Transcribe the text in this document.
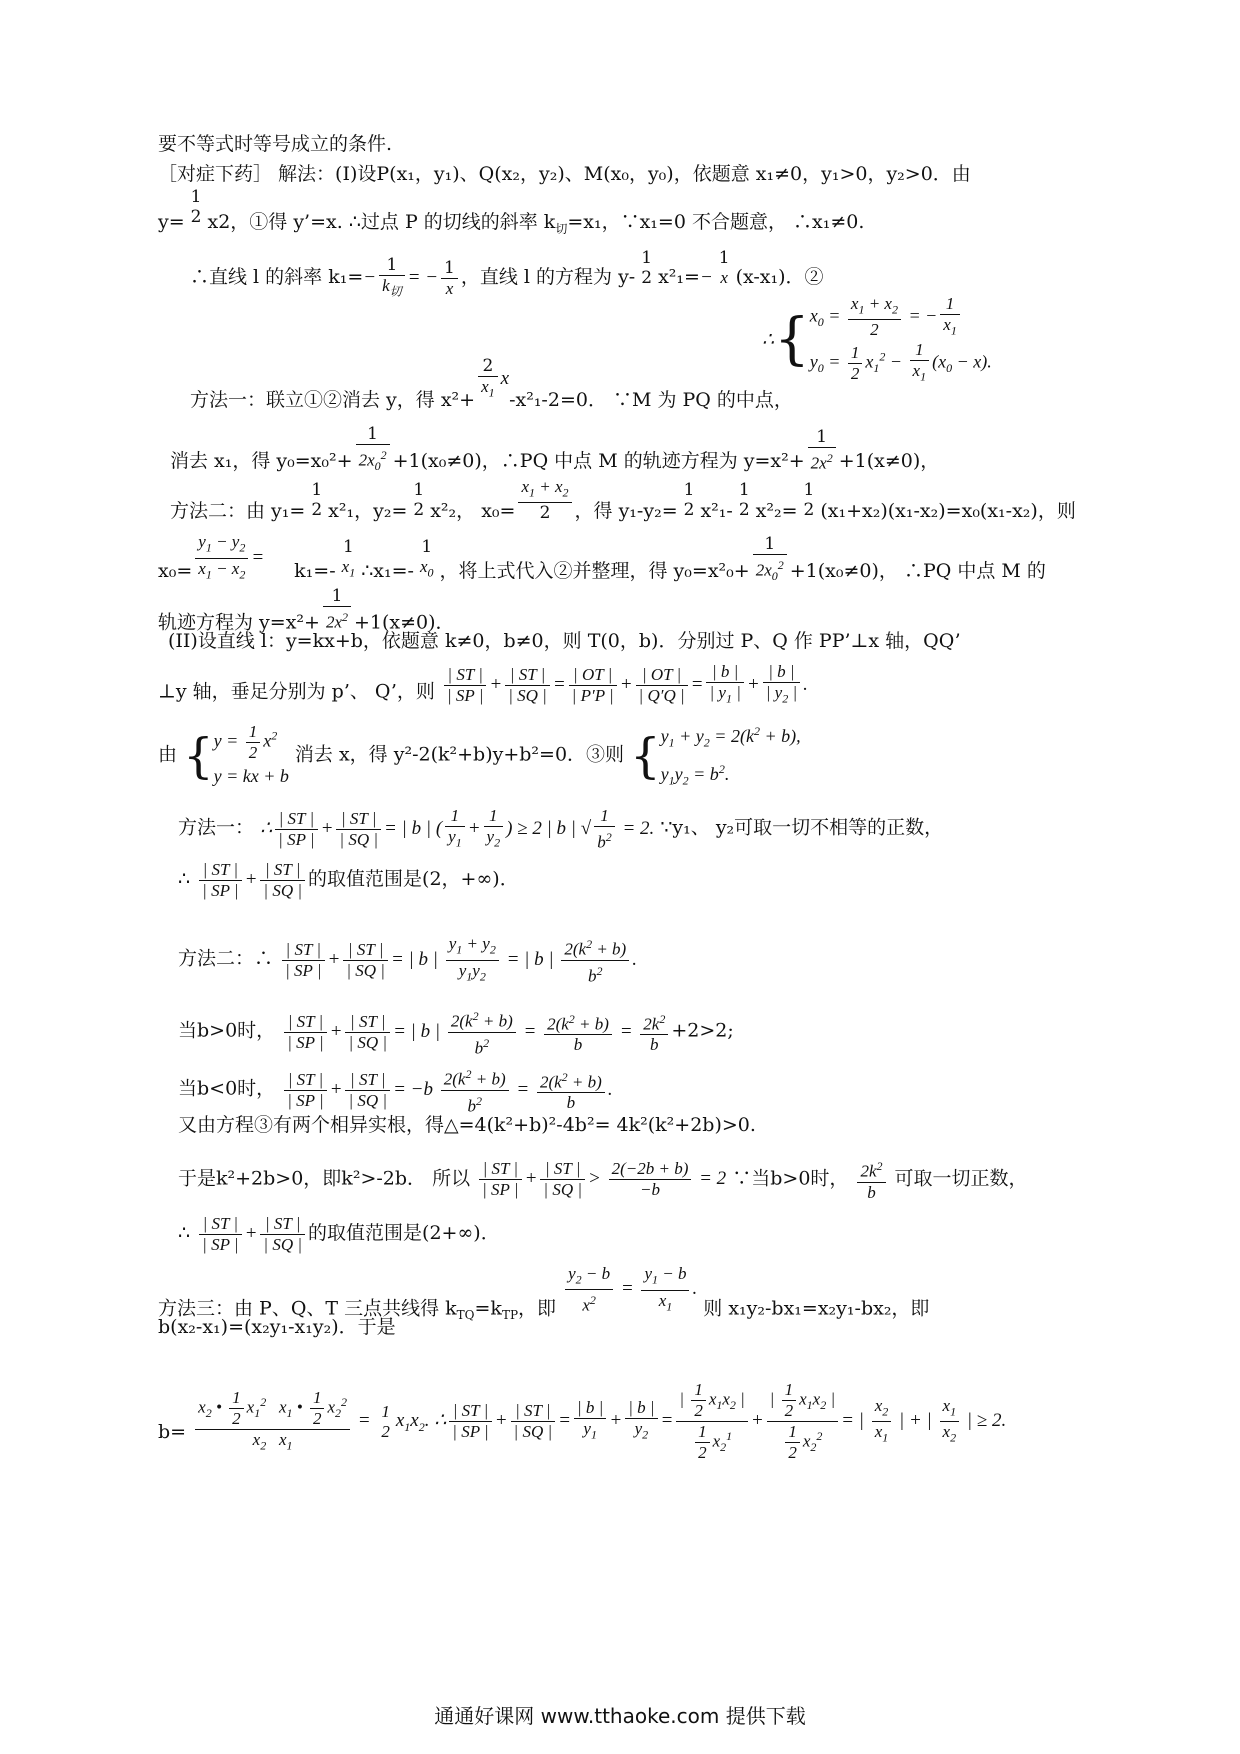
要不等式时等号成立的条件.
［对症下药］ 解法：(I)设P(x₁，y₁)、Q(x₂，y₂)、M(x₀，y₀)，依题意 x₁≠0，y₁>0，y₂>0．由
y=
1
2 x2，①得 y’=x. ∴过点 P 的切线的斜率 $k_切=x_1$，∵x₁=0 不合题意， ∴x₁≠0.
∴直线 l 的斜率 $k_1=- \frac{1}{k_切}$ = − $\frac{1}{x}$ ，直线 l 的方程为 y-
1
2 x²₁=−
1
x (x-x₁)．②
∴{ $x_0 = \frac{x_1 + x_2}{2}$ = − $\frac{1}{x_1}$
$y_0 = \frac{1}{2} x_1^2 - \frac{1}{x_1} (x_0 - x)$.
方法一：联立①②消去 y，得 $x^2+ \frac{2}{x_1} x-x^2_1-2=0$． ∵M 为 PQ 的中点，
消去 x₁，得 $y_0=x_0^2+ \frac{1}{2x_0^2} +1(x_0\ne 0)$，∴PQ 中点 M 的轨迹方程为 $y=x^2+ \frac{1}{2x^2} +1(x\ne 0)$，
方法二：由 y₁=
1
2 x²₁，y₂=
1
2 x²₂， $x_0= \frac{x_1 + x_2}{2}$ ，得 y₁-y₂=
1
2 x²₁-
1
2 x²₂=
1
2 (x₁+x₂)(x₁-x₂)=x₀(x₁-x₂)，则
$x_0= \frac{y_1 - y_2}{x_1 - x_2} =k_1=-$
1
$x_1$ ∴x₁=-
1
$x_0$ ，将上式代入②并整理，得 $y_0=x^2_0+ \frac{1}{2x_0^2} +1(x_0\ne 0)$， ∴PQ 中点 M 的
轨迹方程为 $y=x^2+ \frac{1}{2x^2} +1(x\ne 0)$．
(II)设直线 l：y=kx+b，依题意 k≠0，b≠0，则 T(0，b)．分别过 P、Q 作 PP’⊥x 轴，QQ’
⊥y 轴，垂足分别为 p’、 Q’，则 $\frac{| ST |}{| SP |} + \frac{| ST |}{| SQ |} = \frac{| OT |}{| P'P |} + \frac{| OT |}{| Q'Q |} = \frac{| b |}{| y_1 |} + \frac{| b |}{| y_2 |}$ .
由 { $y = \frac{1}{2} x^2$
y = kx + b
消去 x，得 y²-2(k²+b)y+b²=0．③则 { $y_1 + y_2 = 2(k^2 + b)$,
$y_1y_2 = b^2$.
方法一： ∴ $\frac{| ST |}{| SP |} + \frac{| ST |}{| SQ |}$ = | b | ( $\frac{1}{y_1} + \frac{1}{y_2}$ ) ≥ 2 | b | √ $\frac{1}{b^2} = 2$. ∵y₁、 y₂可取一切不相等的正数，
∴ $\frac{| ST |}{| SP |} + \frac{| ST |}{| SQ |}$ 的取值范围是(2，+∞)．
方法二：∴ $\frac{| ST |}{| SP |} + \frac{| ST |}{| SQ |}$ = | b | $\frac{y_1 + y_2}{y_1y_2}$ = | b | $\frac{2(k^2 + b)}{b^2}$ .
当b>0时， $\frac{| ST |}{| SP |} + \frac{| ST |}{| SQ |}$ = | b | $\frac{2(k^2 + b)}{b^2} = \frac{2(k^2 + b)}{b} = \frac{2k^2}{b} +2>2$;
当b<0时， $\frac{| ST |}{| SP |} + \frac{| ST |}{| SQ |} = -b \frac{2(k^2 + b)}{b^2} = \frac{2(k^2 + b)}{b}$ .
又由方程③有两个相异实根，得△=4(k²+b)²-4b²= 4k²(k²+2b)>0.
于是k²+2b>0，即k²>-2b． 所以 $\frac{| ST |}{| SP |} + \frac{| ST |}{| SQ |} > \frac{2(-2b + b)}{-b} = 2$ ∵当b>0时， $\frac{2k^2}{b}$ 可取一切正数，
∴ $\frac{| ST |}{| SP |} + \frac{| ST |}{| SQ |}$ 的取值范围是(2+∞)．
方法三：由 P、Q、T 三点共线得 $k_{TQ}=k_{TP}$，即 $\frac{y_2 - b}{x^2} = \frac{y_1 - b}{x_1}$ . 则 x₁y₂-bx₁=x₂y₁-bx₂，即
b(x₂-x₁)=(x₂y₁-x₁y₂)．于是
$b= \frac{x_2 • \frac{1}{2} x_1^2 x_1 • \frac{1}{2} x_2^2}{x_2 x_1} = 1$
2
$x_1x_2$. ∴ $\frac{| ST |}{| SP |} + \frac{| ST |}{| SQ |} = \frac{| b |}{y_1} + \frac{| b |}{y_2} = \frac{| \frac{1}{2} x_1x_2 |}{\frac{1}{2} x_2^1} + \frac{| \frac{1}{2} x_1x_2 |}{\frac{1}{2} x_2^2}$ = | $\frac{x_2}{x_1}$ | + | $\frac{x_1}{x_2}$ | ≥ 2.
通通好课网 www.tthaoke.com 提供下载
